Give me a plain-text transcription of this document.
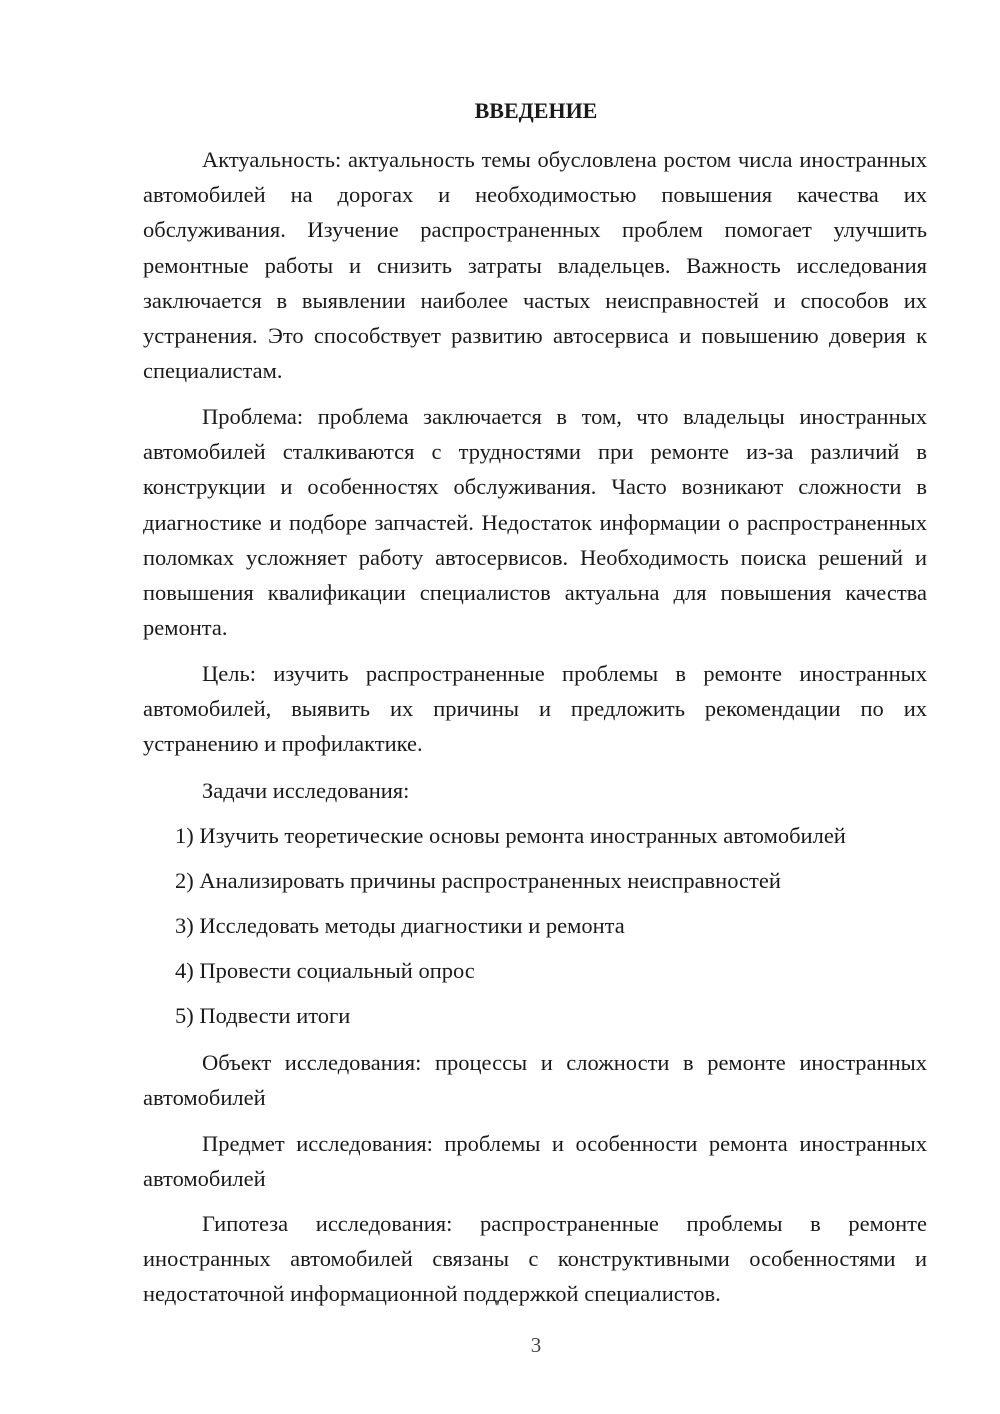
ВВЕДЕНИЕ

Актуальность: актуальность темы обусловлена ростом числа иностранных автомобилей на дорогах и необходимостью повышения качества их обслуживания. Изучение распространенных проблем помогает улучшить ремонтные работы и снизить затраты владельцев. Важность исследования заключается в выявлении наиболее частых неисправностей и способов их устранения. Это способствует развитию автосервиса и повышению доверия к специалистам.

Проблема: проблема заключается в том, что владельцы иностранных автомобилей сталкиваются с трудностями при ремонте из-за различий в конструкции и особенностях обслуживания. Часто возникают сложности в диагностике и подборе запчастей. Недостаток информации о распространенных поломках усложняет работу автосервисов. Необходимость поиска решений и повышения квалификации специалистов актуальна для повышения качества ремонта.

Цель: изучить распространенные проблемы в ремонте иностранных автомобилей, выявить их причины и предложить рекомендации по их устранению и профилактике.

Задачи исследования:
1) Изучить теоретические основы ремонта иностранных автомобилей
2) Анализировать причины распространенных неисправностей
3) Исследовать методы диагностики и ремонта
4) Провести социальный опрос
5) Подвести итоги

Объект исследования: процессы и сложности в ремонте иностранных автомобилей

Предмет исследования: проблемы и особенности ремонта иностранных автомобилей

Гипотеза исследования: распространенные проблемы в ремонте иностранных автомобилей связаны с конструктивными особенностями и недостаточной информационной поддержкой специалистов.

3
